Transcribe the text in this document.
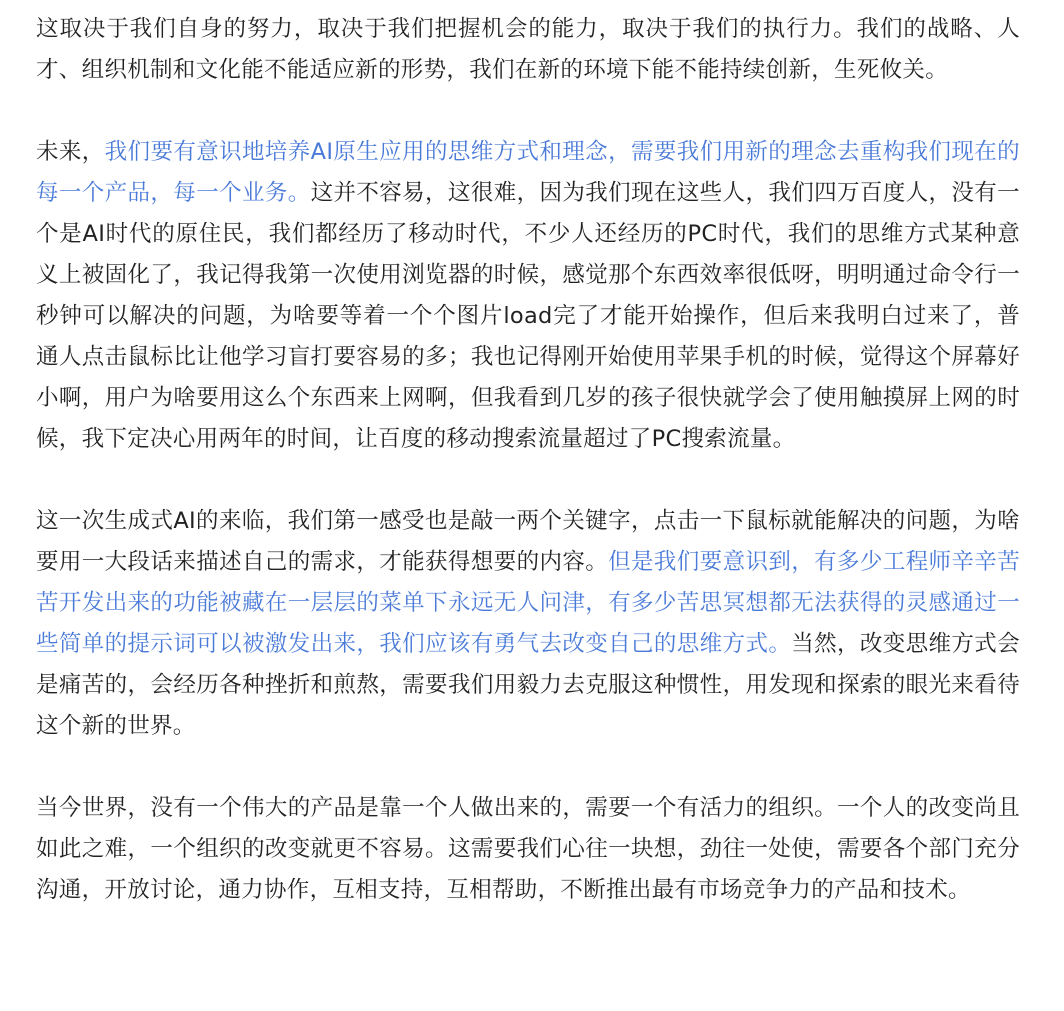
这取决于我们自身的努力，取决于我们把握机会的能力，取决于我们的执行力。我们的战略、人才、组织机制和文化能不能适应新的形势，我们在新的环境下能不能持续创新，生死攸关。

未来，我们要有意识地培养AI原生应用的思维方式和理念，需要我们用新的理念去重构我们现在的每一个产品，每一个业务。这并不容易，这很难，因为我们现在这些人，我们四万百度人，没有一个是AI时代的原住民，我们都经历了移动时代，不少人还经历的PC时代，我们的思维方式某种意义上被固化了，我记得我第一次使用浏览器的时候，感觉那个东西效率很低呀，明明通过命令行一秒钟可以解决的问题，为啥要等着一个个图片load完了才能开始操作，但后来我明白过来了，普通人点击鼠标比让他学习盲打要容易的多；我也记得刚开始使用苹果手机的时候，觉得这个屏幕好小啊，用户为啥要用这么个东西来上网啊，但我看到几岁的孩子很快就学会了使用触摸屏上网的时候，我下定决心用两年的时间，让百度的移动搜索流量超过了PC搜索流量。

这一次生成式AI的来临，我们第一感受也是敲一两个关键字，点击一下鼠标就能解决的问题，为啥要用一大段话来描述自己的需求，才能获得想要的内容。但是我们要意识到，有多少工程师辛辛苦苦开发出来的功能被藏在一层层的菜单下永远无人问津，有多少苦思冥想都无法获得的灵感通过一些简单的提示词可以被激发出来，我们应该有勇气去改变自己的思维方式。当然，改变思维方式会是痛苦的，会经历各种挫折和煎熬，需要我们用毅力去克服这种惯性，用发现和探索的眼光来看待这个新的世界。

当今世界，没有一个伟大的产品是靠一个人做出来的，需要一个有活力的组织。一个人的改变尚且如此之难，一个组织的改变就更不容易。这需要我们心往一块想，劲往一处使，需要各个部门充分沟通，开放讨论，通力协作，互相支持，互相帮助，不断推出最有市场竞争力的产品和技术。
